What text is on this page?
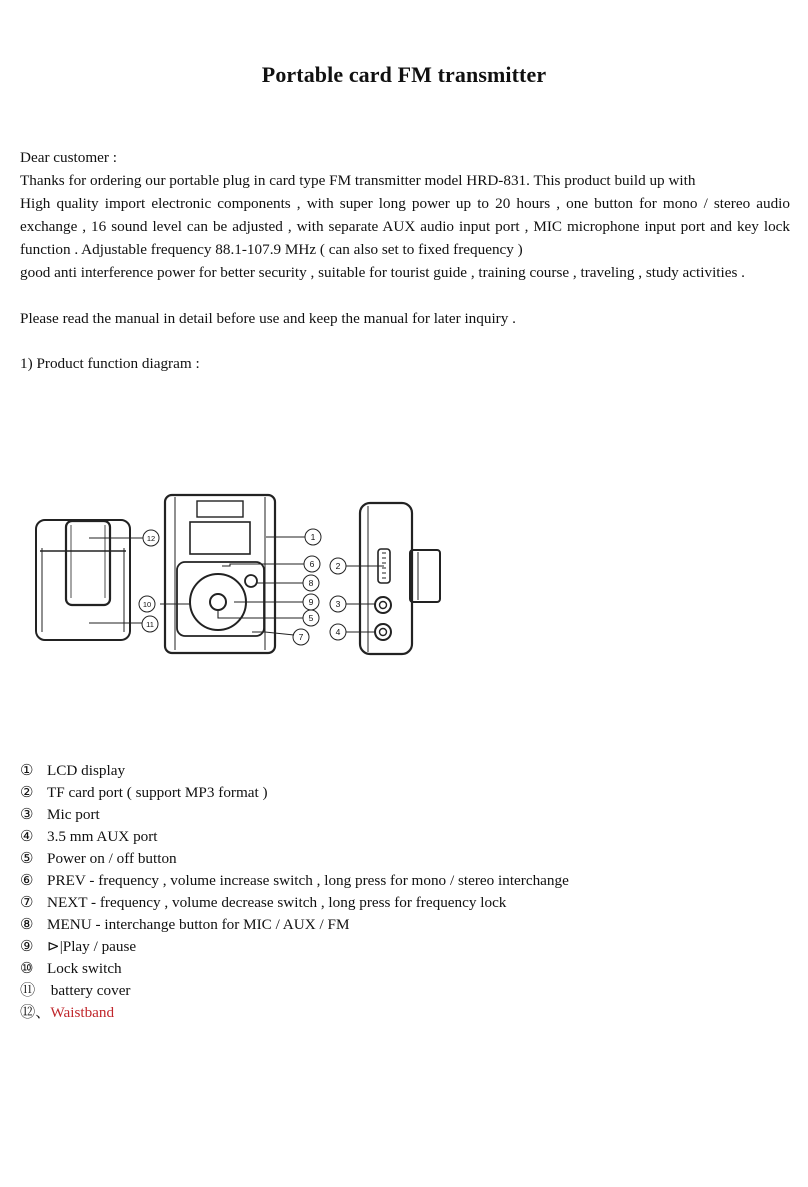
Portable card FM transmitter

Dear customer :

Thanks for ordering our portable plug in card type FM transmitter model HRD-831. This product build up with

High quality import electronic components , with super long power up to 20 hours , one button for mono / stereo audio exchange , 16 sound level can be adjusted , with separate AUX audio input port , MIC microphone input port and key lock function . Adjustable frequency 88.1-107.9 MHz ( can also set to fixed frequency )

good anti interference power for better security , suitable for tourist guide , training course , traveling , study activities .

Please read the manual in detail before use and keep the manual for later inquiry .
1) Product function diagram :
1
2
3
4
5
6
7
8
9
10
11
12
① LCD display
② TF card port ( support MP3 format )
③ Mic port
④ 3.5 mm AUX port
⑤ Power on / off button
⑥ PREV - frequency , volume increase switch , long press for mono / stereo interchange
⑦ NEXT - frequency , volume decrease switch , long press for frequency lock
⑧ MENU - interchange button for MIC / AUX / FM
⑨ ⊳|Play / pause
⑩ Lock switch
⑪ battery cover
⑫、Waistband
